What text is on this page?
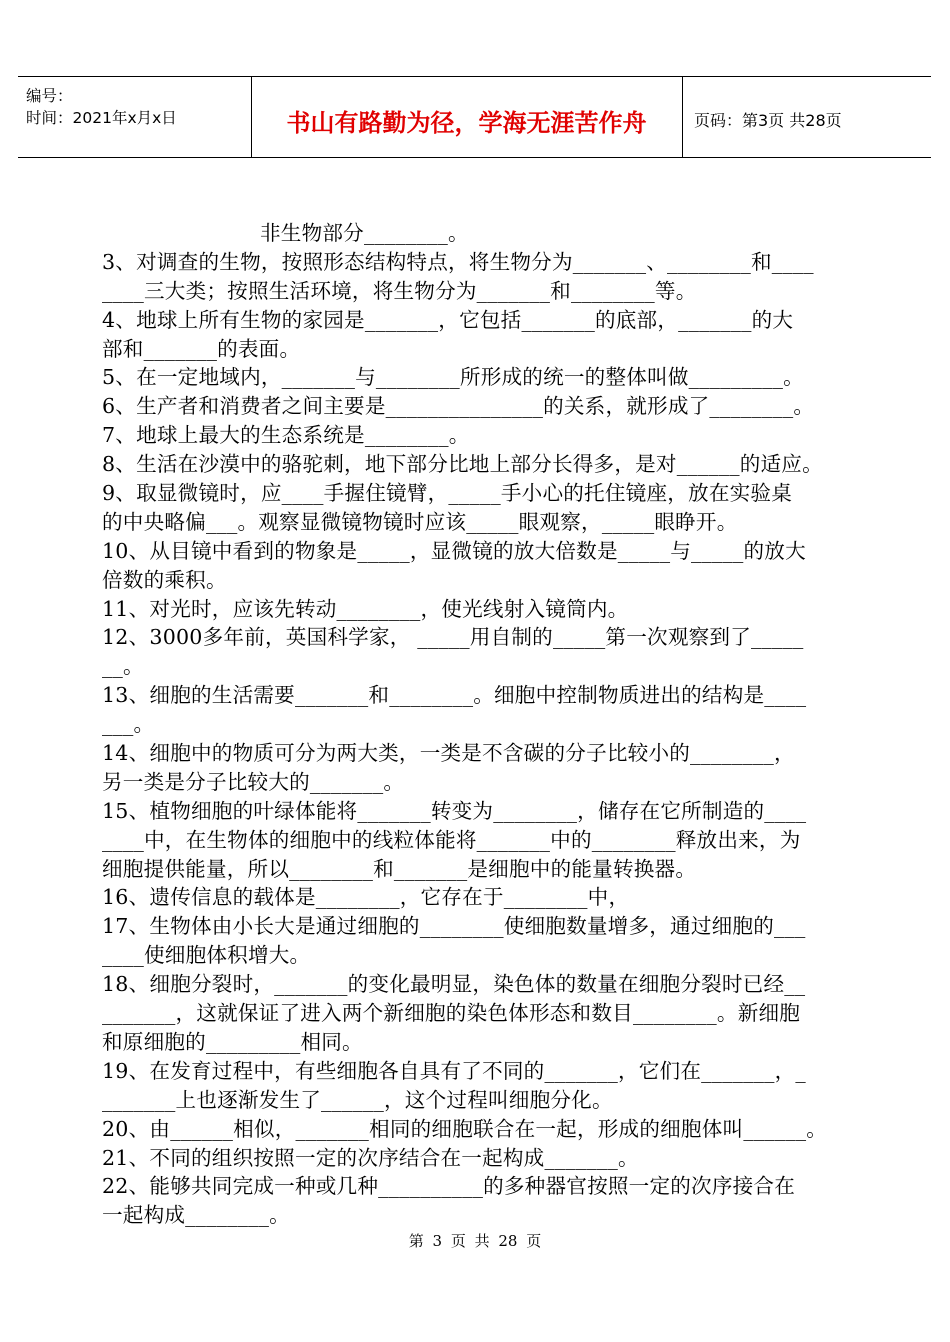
编号：
时间：2021年x月x日	书山有路勤为径，学海无涯苦作舟	页码：第3页 共28页
非生物部分________。
3、对调查的生物，按照形态结构特点，将生物分为_______、________和____
____三大类；按照生活环境，将生物分为_______和________等。
4、地球上所有生物的家园是_______，它包括_______的底部，_______的大
部和_______的表面。
5、在一定地域内，_______与________所形成的统一的整体叫做_________。
6、生产者和消费者之间主要是_______________的关系，就形成了________。
7、地球上最大的生态系统是________。
8、生活在沙漠中的骆驼刺，地下部分比地上部分长得多，是对______的适应。
9、取显微镜时，应____手握住镜臂，_____手小心的托住镜座，放在实验桌
的中央略偏___。观察显微镜物镜时应该_____眼观察，_____眼睁开。
10、从目镜中看到的物象是_____，显微镜的放大倍数是_____与_____的放大
倍数的乘积。
11、对光时，应该先转动________，使光线射入镜筒内。
12、3000多年前，英国科学家， _____用自制的_____第一次观察到了_____
__。
13、细胞的生活需要_______和________。细胞中控制物质进出的结构是____
___。
14、细胞中的物质可分为两大类，一类是不含碳的分子比较小的________，
另一类是分子比较大的_______。
15、植物细胞的叶绿体能将_______转变为________，储存在它所制造的____
____中，在生物体的细胞中的线粒体能将_______中的________释放出来，为
细胞提供能量，所以________和_______是细胞中的能量转换器。
16、遗传信息的载体是________，它存在于________中，
17、生物体由小长大是通过细胞的________使细胞数量增多，通过细胞的___
____使细胞体积增大。
18、细胞分裂时，_______的变化最明显，染色体的数量在细胞分裂时已经__
_______，这就保证了进入两个新细胞的染色体形态和数目________。新细胞
和原细胞的_________相同。
19、在发育过程中，有些细胞各自具有了不同的_______，它们在_______，_
_______上也逐渐发生了______，这个过程叫细胞分化。
20、由______相似，_______相同的细胞联合在一起，形成的细胞体叫______。
21、不同的组织按照一定的次序结合在一起构成_______。
22、能够共同完成一种或几种__________的多种器官按照一定的次序接合在
一起构成________。
第 3 页 共 28 页
